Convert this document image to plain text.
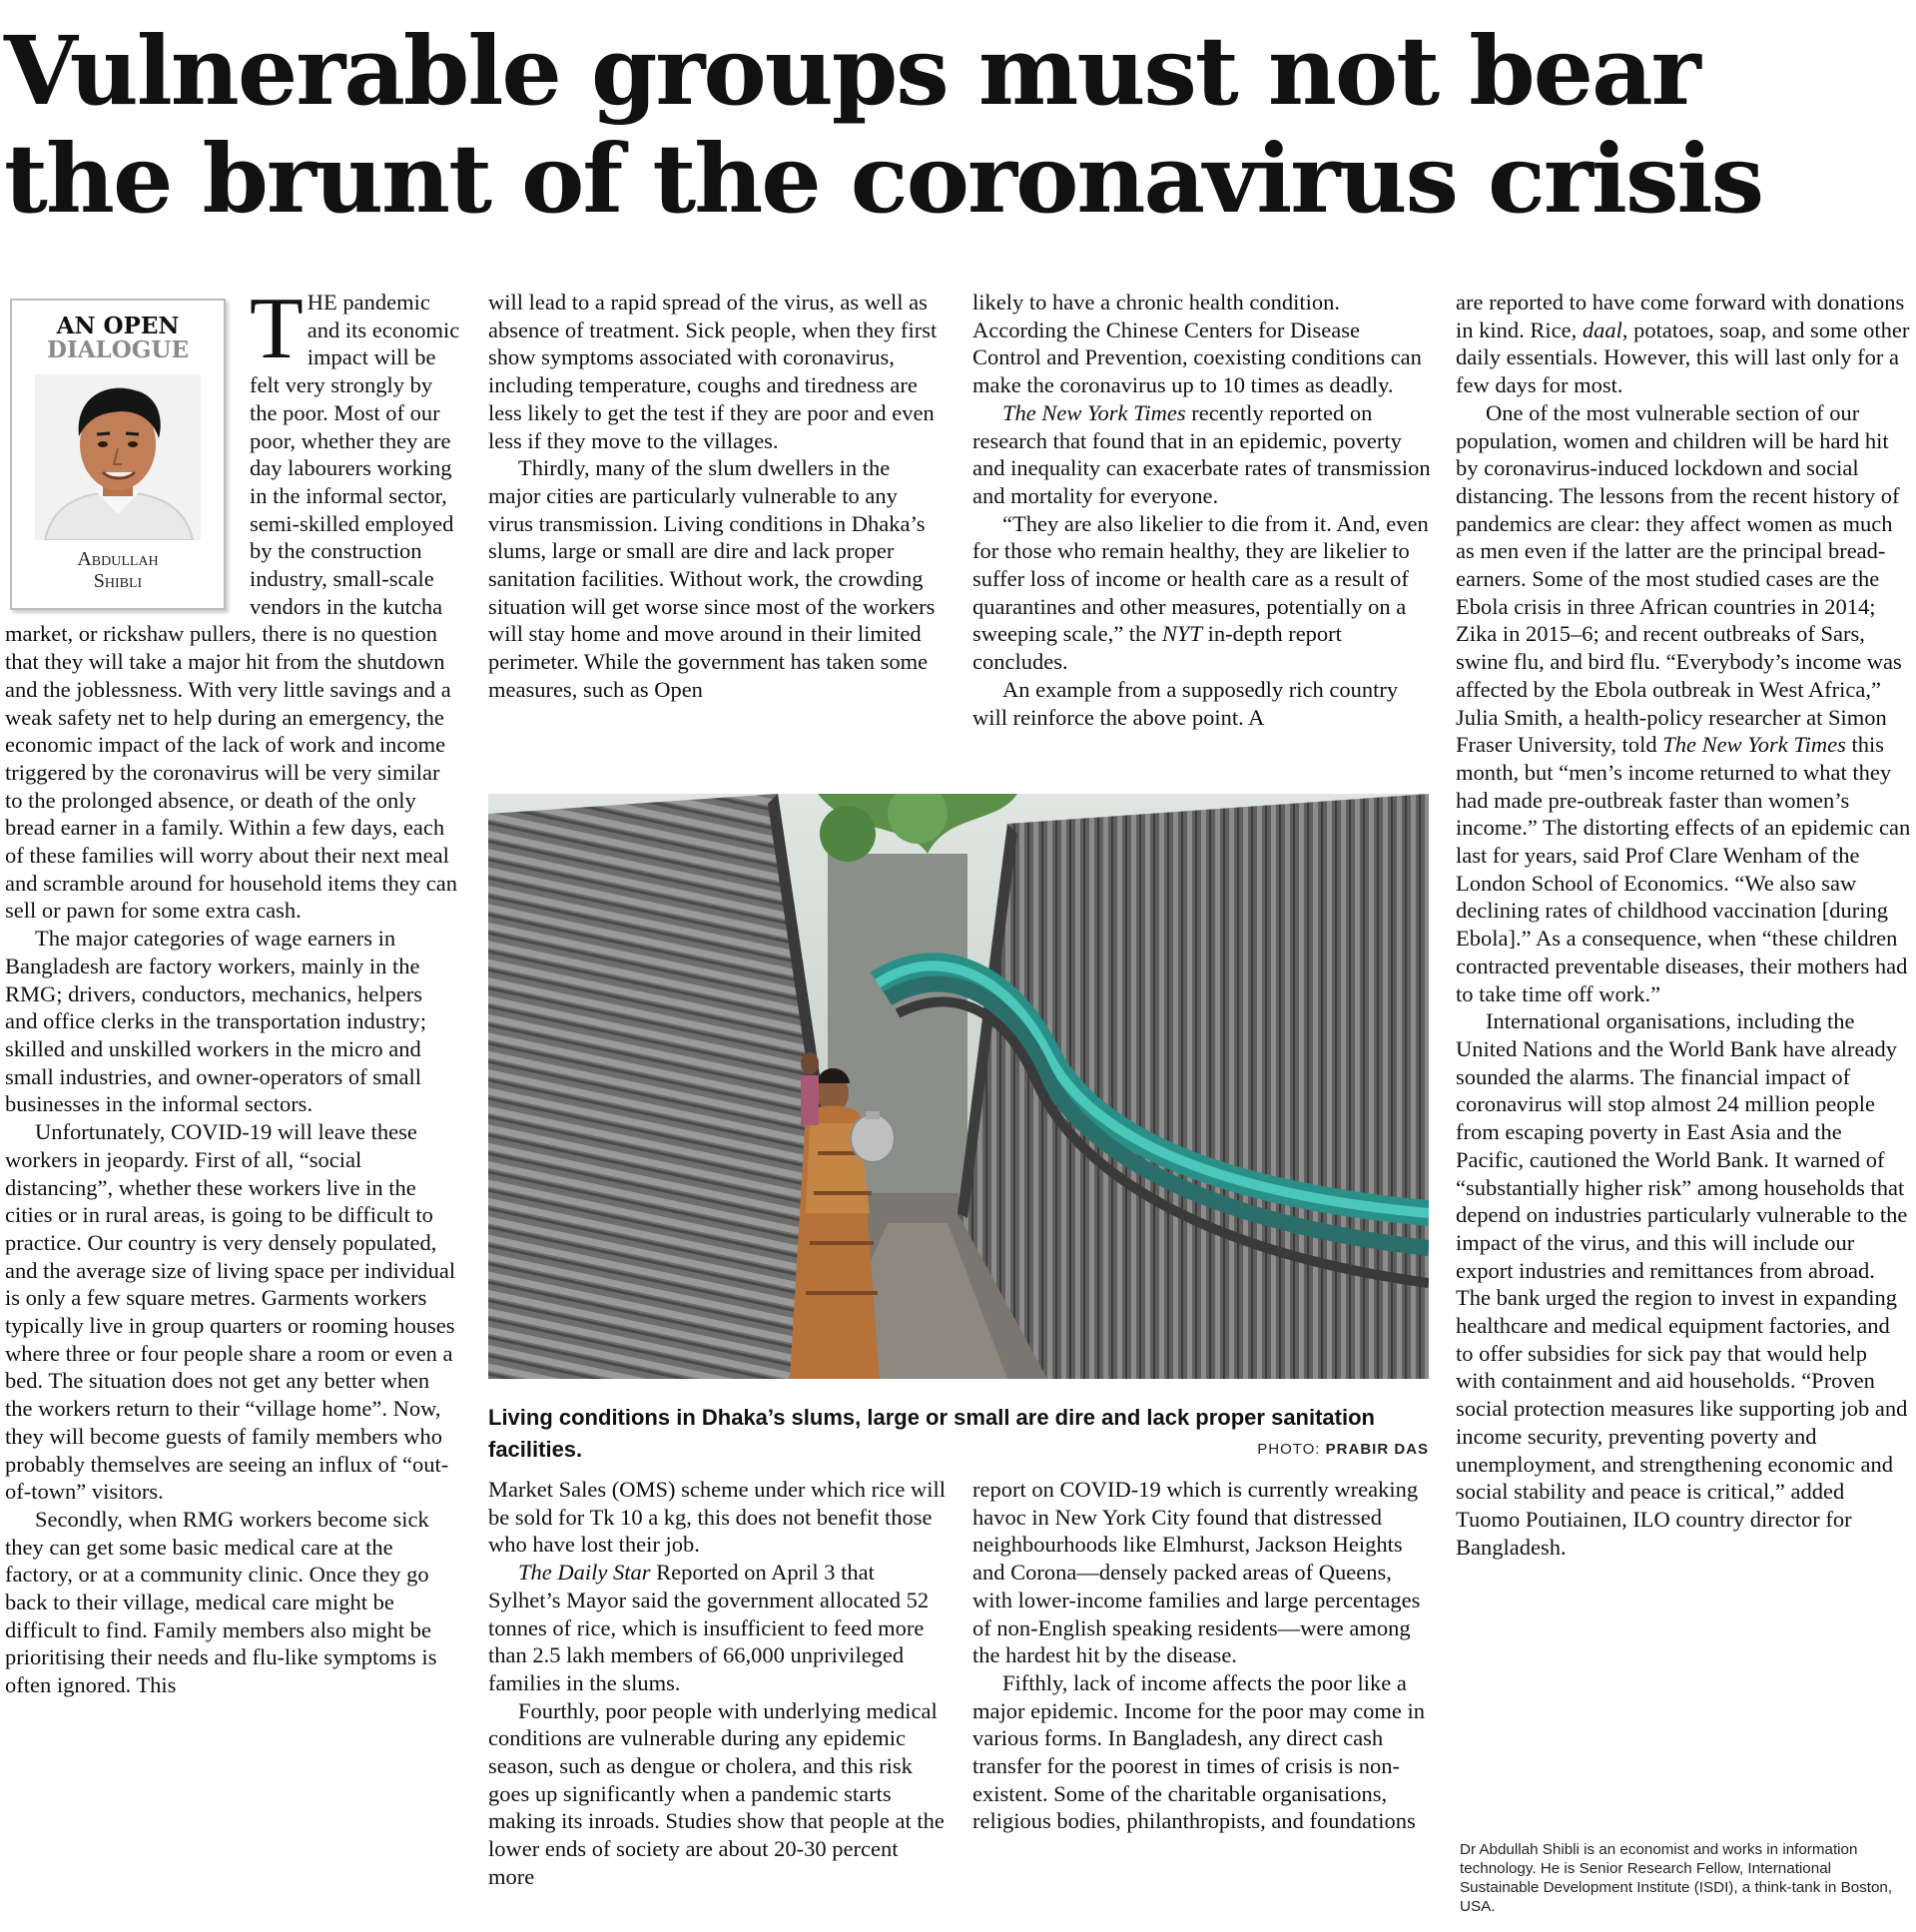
Vulnerable groups must not bear
the brunt of the coronavirus crisis
AN OPEN
DIALOGUE
Abdullah
Shibli

THE pandemic and its economic impact will be felt very strongly by the poor. Most of our poor, whether they are day labourers working in the informal sector, semi-skilled employed by the construction industry, small-scale vendors in the kutcha market, or rickshaw pullers, there is no question that they will take a major hit from the shutdown and the joblessness. With very little savings and a weak safety net to help during an emergency, the economic impact of the lack of work and income triggered by the coronavirus will be very similar to the prolonged absence, or death of the only bread earner in a family. Within a few days, each of these families will worry about their next meal and scramble around for household items they can sell or pawn for some extra cash.

The major categories of wage earners in Bangladesh are factory workers, mainly in the RMG; drivers, conductors, mechanics, helpers and office clerks in the transportation industry; skilled and unskilled workers in the micro and small industries, and owner-operators of small businesses in the informal sectors.

Unfortunately, COVID-19 will leave these workers in jeopardy. First of all, “social distancing”, whether these workers live in the cities or in rural areas, is going to be difficult to practice. Our country is very densely populated, and the average size of living space per individual is only a few square metres. Garments workers typically live in group quarters or rooming houses where three or four people share a room or even a bed. The situation does not get any better when the workers return to their “village home”. Now, they will become guests of family members who probably themselves are seeing an influx of “out-of-town” visitors.

Secondly, when RMG workers become sick they can get some basic medical care at the factory, or at a community clinic. Once they go back to their village, medical care might be difficult to find. Family members also might be prioritising their needs and flu-like symptoms is often ignored. This

will lead to a rapid spread of the virus, as well as absence of treatment. Sick people, when they first show symptoms associated with coronavirus, including temperature, coughs and tiredness are less likely to get the test if they are poor and even less if they move to the villages.

Thirdly, many of the slum dwellers in the major cities are particularly vulnerable to any virus transmission. Living conditions in Dhaka’s slums, large or small are dire and lack proper sanitation facilities. Without work, the crowding situation will get worse since most of the workers will stay home and move around in their limited perimeter. While the government has taken some measures, such as Open

likely to have a chronic health condition. According the Chinese Centers for Disease Control and Prevention, coexisting conditions can make the coronavirus up to 10 times as deadly.

The New York Times recently reported on research that found that in an epidemic, poverty and inequality can exacerbate rates of transmission and mortality for everyone.

“They are also likelier to die from it. And, even for those who remain healthy, they are likelier to suffer loss of income or health care as a result of quarantines and other measures, potentially on a sweeping scale,” the NYT in-depth report concludes.

An example from a supposedly rich country will reinforce the above point. A

Living conditions in Dhaka’s slums, large or small are dire and lack proper sanitation facilities.	PHOTO: PRABIR DAS

Market Sales (OMS) scheme under which rice will be sold for Tk 10 a kg, this does not benefit those who have lost their job.

The Daily Star Reported on April 3 that Sylhet’s Mayor said the government allocated 52 tonnes of rice, which is insufficient to feed more than 2.5 lakh members of 66,000 unprivileged families in the slums.

Fourthly, poor people with underlying medical conditions are vulnerable during any epidemic season, such as dengue or cholera, and this risk goes up significantly when a pandemic starts making its inroads. Studies show that people at the lower ends of society are about 20-30 percent more

report on COVID-19 which is currently wreaking havoc in New York City found that distressed neighbourhoods like Elmhurst, Jackson Heights and Corona—densely packed areas of Queens, with lower-income families and large percentages of non-English speaking residents—were among the hardest hit by the disease.

Fifthly, lack of income affects the poor like a major epidemic. Income for the poor may come in various forms. In Bangladesh, any direct cash transfer for the poorest in times of crisis is non-existent. Some of the charitable organisations, religious bodies, philanthropists, and foundations

are reported to have come forward with donations in kind. Rice, daal, potatoes, soap, and some other daily essentials. However, this will last only for a few days for most.

One of the most vulnerable section of our population, women and children will be hard hit by coronavirus-induced lockdown and social distancing. The lessons from the recent history of pandemics are clear: they affect women as much as men even if the latter are the principal bread-earners. Some of the most studied cases are the Ebola crisis in three African countries in 2014; Zika in 2015–6; and recent outbreaks of Sars, swine flu, and bird flu. “Everybody’s income was affected by the Ebola outbreak in West Africa,” Julia Smith, a health-policy researcher at Simon Fraser University, told The New York Times this month, but “men’s income returned to what they had made pre-outbreak faster than women’s income.” The distorting effects of an epidemic can last for years, said Prof Clare Wenham of the London School of Economics. “We also saw declining rates of childhood vaccination [during Ebola].” As a consequence, when “these children contracted preventable diseases, their mothers had to take time off work.”

International organisations, including the United Nations and the World Bank have already sounded the alarms. The financial impact of coronavirus will stop almost 24 million people from escaping poverty in East Asia and the Pacific, cautioned the World Bank. It warned of “substantially higher risk” among households that depend on industries particularly vulnerable to the impact of the virus, and this will include our export industries and remittances from abroad. The bank urged the region to invest in expanding healthcare and medical equipment factories, and to offer subsidies for sick pay that would help with containment and aid households. “Proven social protection measures like supporting job and income security, preventing poverty and unemployment, and strengthening economic and social stability and peace is critical,” added Tuomo Poutiainen, ILO country director for Bangladesh.

Dr Abdullah Shibli is an economist and works in information technology. He is Senior Research Fellow, International Sustainable Development Institute (ISDI), a think-tank in Boston, USA.
